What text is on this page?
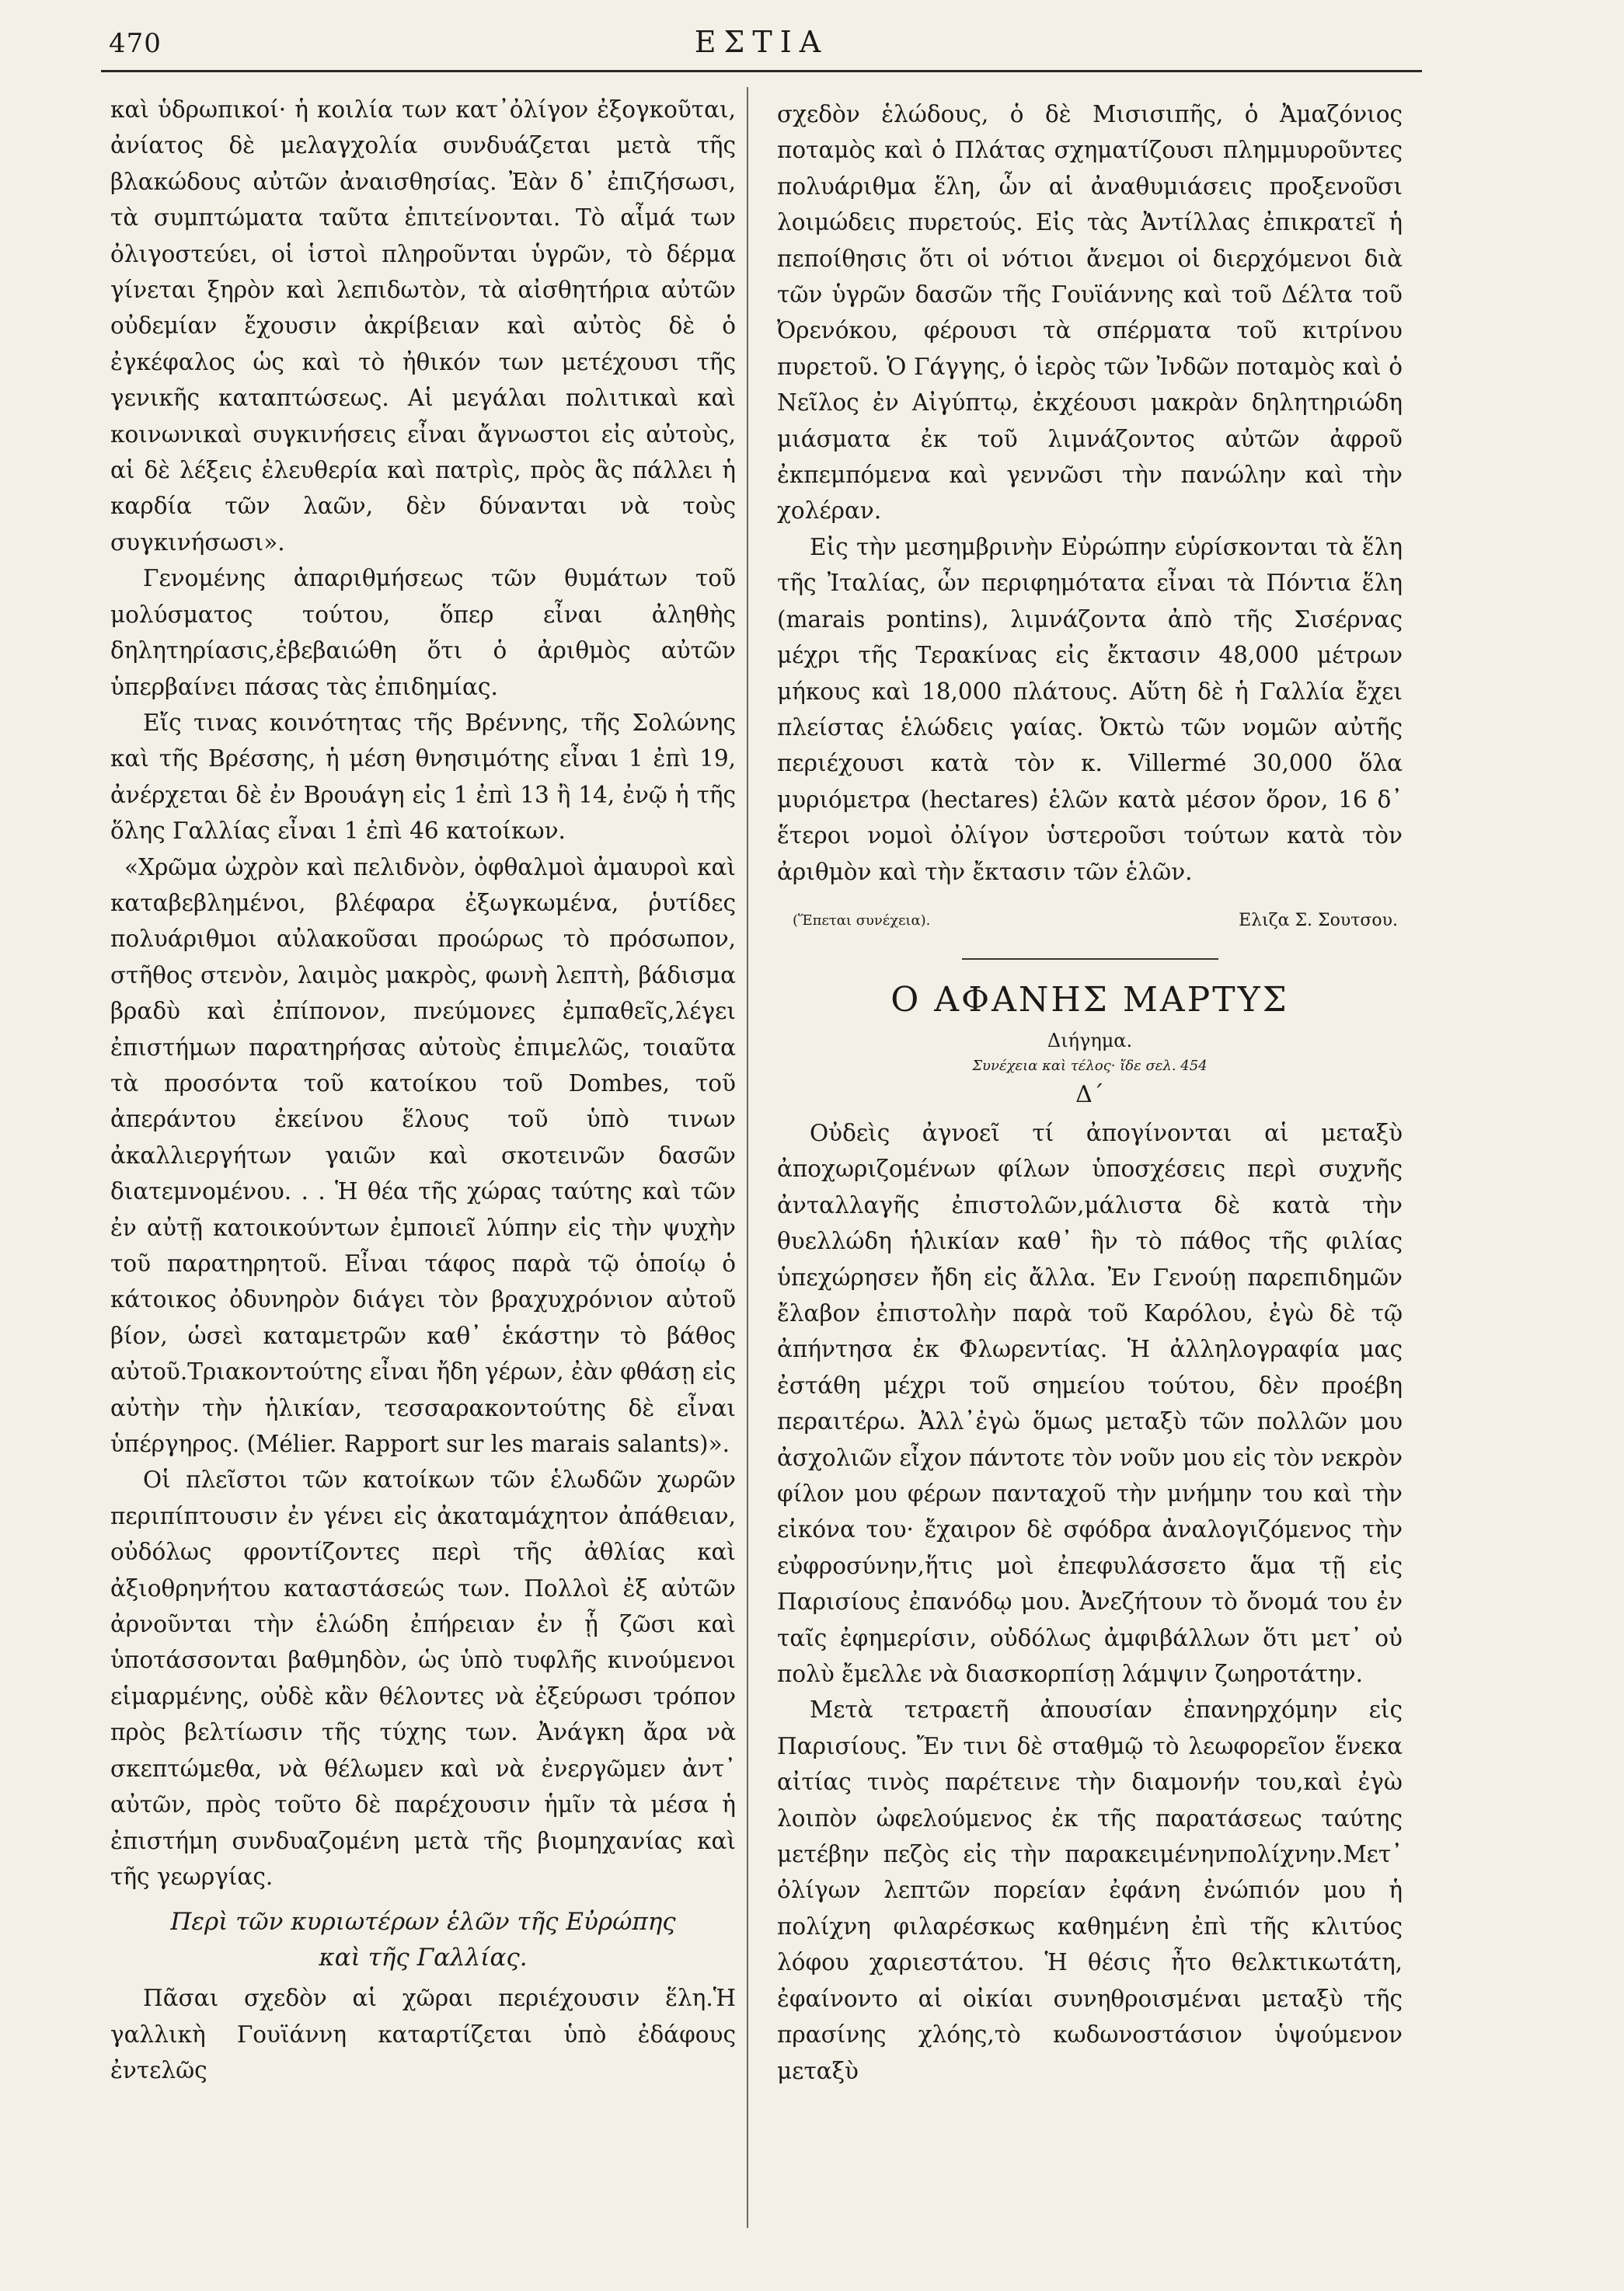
470	ΕΣΤΙΑ

καὶ ὑδρωπικοί· ἡ κοιλία των κατ᾽ὀλίγον ἐξογκοῦται, ἀνίατος δὲ μελαγχολία συνδυάζεται μετὰ τῆς βλακώδους αὐτῶν ἀναισθησίας. Ἐὰν δ᾽ ἐπιζήσωσι, τὰ συμπτώματα ταῦτα ἐπιτείνονται. Τὸ αἷμά των ὀλιγοστεύει, οἱ ἱστοὶ πληροῦνται ὑγρῶν, τὸ δέρμα γίνεται ξηρὸν καὶ λεπιδωτὸν, τὰ αἰσθητήρια αὐτῶν οὐδεμίαν ἔχουσιν ἀκρίβειαν καὶ αὐτὸς δὲ ὁ ἐγκέφαλος ὡς καὶ τὸ ἠθικόν των μετέχουσι τῆς γενικῆς καταπτώσεως. Αἱ μεγάλαι πολιτικαὶ καὶ κοινωνικαὶ συγκινήσεις εἶναι ἄγνωστοι εἰς αὐτοὺς, αἱ δὲ λέξεις ἐλευθερία καὶ πατρὶς, πρὸς ἃς πάλλει ἡ καρδία τῶν λαῶν, δὲν δύνανται νὰ τοὺς συγκινήσωσι».

Γενομένης ἀπαριθμήσεως τῶν θυμάτων τοῦ μολύσματος τούτου, ὅπερ εἶναι ἀληθὴς δηλητηρίασις,ἐβεβαιώθη ὅτι ὁ ἀριθμὸς αὐτῶν ὑπερβαίνει πάσας τὰς ἐπιδημίας.

Εἴς τινας κοινότητας τῆς Βρέννης, τῆς Σολώνης καὶ τῆς Βρέσσης, ἡ μέση θνησιμότης εἶναι 1 ἐπὶ 19, ἀνέρχεται δὲ ἐν Βρουάγη εἰς 1 ἐπὶ 13 ἢ 14, ἐνῷ ἡ τῆς ὅλης Γαλλίας εἶναι 1 ἐπὶ 46 κατοίκων.

«Χρῶμα ὠχρὸν καὶ πελιδνὸν, ὀφθαλμοὶ ἀμαυροὶ καὶ καταβεβλημένοι, βλέφαρα ἐξωγκωμένα, ῥυτίδες πολυάριθμοι αὐλακοῦσαι προώρως τὸ πρόσωπον, στῆθος στενὸν, λαιμὸς μακρὸς, φωνὴ λεπτὴ, βάδισμα βραδὺ καὶ ἐπίπονον, πνεύμονες ἐμπαθεῖς,λέγει ἐπιστήμων παρατηρήσας αὐτοὺς ἐπιμελῶς, τοιαῦτα τὰ προσόντα τοῦ κατοίκου τοῦ Dombes, τοῦ ἀπεράντου ἐκείνου ἕλους τοῦ ὑπὸ τινων ἀκαλλιεργήτων γαιῶν καὶ σκοτεινῶν δασῶν διατεμνομένου. . . Ἡ θέα τῆς χώρας ταύτης καὶ τῶν ἐν αὐτῇ κατοικούντων ἐμποιεῖ λύπην εἰς τὴν ψυχὴν τοῦ παρατηρητοῦ. Εἶναι τάφος παρὰ τῷ ὁποίῳ ὁ κάτοικος ὀδυνηρὸν διάγει τὸν βραχυχρόνιον αὐτοῦ βίον, ὡσεὶ καταμετρῶν καθ᾽ ἑκάστην τὸ βάθος αὐτοῦ.Τριακοντούτης εἶναι ἤδη γέρων, ἐὰν φθάσῃ εἰς αὐτὴν τὴν ἡλικίαν, τεσσαρακοντούτης δὲ εἶναι ὑπέργηρος. (Mélier. Rapport sur les marais salants)».

Οἱ πλεῖστοι τῶν κατοίκων τῶν ἑλωδῶν χωρῶν περιπίπτουσιν ἐν γένει εἰς ἀκαταμάχητον ἀπάθειαν, οὐδόλως φροντίζοντες περὶ τῆς ἀθλίας καὶ ἀξιοθρηνήτου καταστάσεώς των. Πολλοὶ ἐξ αὐτῶν ἀρνοῦνται τὴν ἑλώδη ἐπήρειαν ἐν ᾗ ζῶσι καὶ ὑποτάσσονται βαθμηδὸν, ὡς ὑπὸ τυφλῆς κινούμενοι εἱμαρμένης, οὐδὲ κἂν θέλοντες νὰ ἐξεύρωσι τρόπον πρὸς βελτίωσιν τῆς τύχης των. Ἀνάγκη ἄρα νὰ σκεπτώμεθα, νὰ θέλωμεν καὶ νὰ ἐνεργῶμεν ἀντ᾽ αὐτῶν, πρὸς τοῦτο δὲ παρέχουσιν ἡμῖν τὰ μέσα ἡ ἐπιστήμη συνδυαζομένη μετὰ τῆς βιομηχανίας καὶ τῆς γεωργίας.

Περὶ τῶν κυριωτέρων ἑλῶν τῆς Εὐρώπης
καὶ τῆς Γαλλίας.

Πᾶσαι σχεδὸν αἱ χῶραι περιέχουσιν ἕλη.Ἡ γαλλικὴ Γουϊάννη καταρτίζεται ὑπὸ ἐδάφους ἐντελῶς

σχεδὸν ἑλώδους, ὁ δὲ Μισισιπῆς, ὁ Ἀμαζόνιος ποταμὸς καὶ ὁ Πλάτας σχηματίζουσι πλημμυροῦντες πολυάριθμα ἕλη, ὧν αἱ ἀναθυμιάσεις προξενοῦσι λοιμώδεις πυρετούς. Εἰς τὰς Ἀντίλλας ἐπικρατεῖ ἡ πεποίθησις ὅτι οἱ νότιοι ἄνεμοι οἱ διερχόμενοι διὰ τῶν ὑγρῶν δασῶν τῆς Γουϊάννης καὶ τοῦ Δέλτα τοῦ Ὀρενόκου, φέρουσι τὰ σπέρματα τοῦ κιτρίνου πυρετοῦ. Ὁ Γάγγης, ὁ ἱερὸς τῶν Ἰνδῶν ποταμὸς καὶ ὁ Νεῖλος ἐν Αἰγύπτῳ, ἐκχέουσι μακρὰν δηλητηριώδη μιάσματα ἐκ τοῦ λιμνάζοντος αὐτῶν ἀφροῦ ἐκπεμπόμενα καὶ γεννῶσι τὴν πανώλην καὶ τὴν χολέραν.

Εἰς τὴν μεσημβρινὴν Εὐρώπην εὑρίσκονται τὰ ἕλη τῆς Ἰταλίας, ὧν περιφημότατα εἶναι τὰ Πόντια ἕλη (marais pontins), λιμνάζοντα ἀπὸ τῆς Σισέρνας μέχρι τῆς Τερακίνας εἰς ἔκτασιν 48,000 μέτρων μήκους καὶ 18,000 πλάτους. Αὕτη δὲ ἡ Γαλλία ἔχει πλείστας ἑλώδεις γαίας. Ὀκτὼ τῶν νομῶν αὐτῆς περιέχουσι κατὰ τὸν κ. Villermé 30,000 ὅλα μυριόμετρα (hectares) ἑλῶν κατὰ μέσον ὅρον, 16 δ᾽ ἕτεροι νομοὶ ὀλίγον ὑστεροῦσι τούτων κατὰ τὸν ἀριθμὸν καὶ τὴν ἔκτασιν τῶν ἑλῶν.

(Ἕπεται συνέχεια).	Ελιζα Σ. Σουτσου.
Ο ΑΦΑΝΗΣ ΜΑΡΤΥΣ
Διήγημα.
Συνέχεια καὶ τέλος· ἴδε σελ. 454
Δ΄

Οὐδεὶς ἀγνοεῖ τί ἀπογίνονται αἱ μεταξὺ ἀποχωριζομένων φίλων ὑποσχέσεις περὶ συχνῆς ἀνταλλαγῆς ἐπιστολῶν,μάλιστα δὲ κατὰ τὴν θυελλώδη ἡλικίαν καθ᾽ ἣν τὸ πάθος τῆς φιλίας ὑπεχώρησεν ἤδη εἰς ἄλλα. Ἐν Γενούῃ παρεπιδημῶν ἔλαβον ἐπιστολὴν παρὰ τοῦ Καρόλου, ἐγὼ δὲ τῷ ἀπήντησα ἐκ Φλωρεντίας. Ἡ ἀλληλογραφία μας ἐστάθη μέχρι τοῦ σημείου τούτου, δὲν προέβη περαιτέρω. Ἀλλ᾽ἐγὼ ὅμως μεταξὺ τῶν πολλῶν μου ἀσχολιῶν εἶχον πάντοτε τὸν νοῦν μου εἰς τὸν νεκρὸν φίλον μου φέρων πανταχοῦ τὴν μνήμην του καὶ τὴν εἰκόνα του· ἔχαιρον δὲ σφόδρα ἀναλογιζόμενος τὴν εὐφροσύνην,ἥτις μοὶ ἐπεφυλάσσετο ἅμα τῇ εἰς Παρισίους ἐπανόδῳ μου. Ἀνεζήτουν τὸ ὄνομά του ἐν ταῖς ἐφημερίσιν, οὐδόλως ἀμφιβάλλων ὅτι μετ᾽ οὐ πολὺ ἔμελλε νὰ διασκορπίσῃ λάμψιν ζωηροτάτην.

Μετὰ τετραετῆ ἀπουσίαν ἐπανηρχόμην εἰς Παρισίους. Ἔν τινι δὲ σταθμῷ τὸ λεωφορεῖον ἕνεκα αἰτίας τινὸς παρέτεινε τὴν διαμονήν του,καὶ ἐγὼ λοιπὸν ὠφελούμενος ἐκ τῆς παρατάσεως ταύτης μετέβην πεζὸς εἰς τὴν παρακειμένηνπολίχνην.Μετ᾽ ὀλίγων λεπτῶν πορείαν ἐφάνη ἐνώπιόν μου ἡ πολίχνη φιλαρέσκως καθημένη ἐπὶ τῆς κλιτύος λόφου χαριεστάτου. Ἡ θέσις ἦτο θελκτικωτάτη, ἐφαίνοντο αἱ οἰκίαι συνηθροισμέναι μεταξὺ τῆς πρασίνης χλόης,τὸ κωδωνοστάσιον ὑψούμενον μεταξὺ
